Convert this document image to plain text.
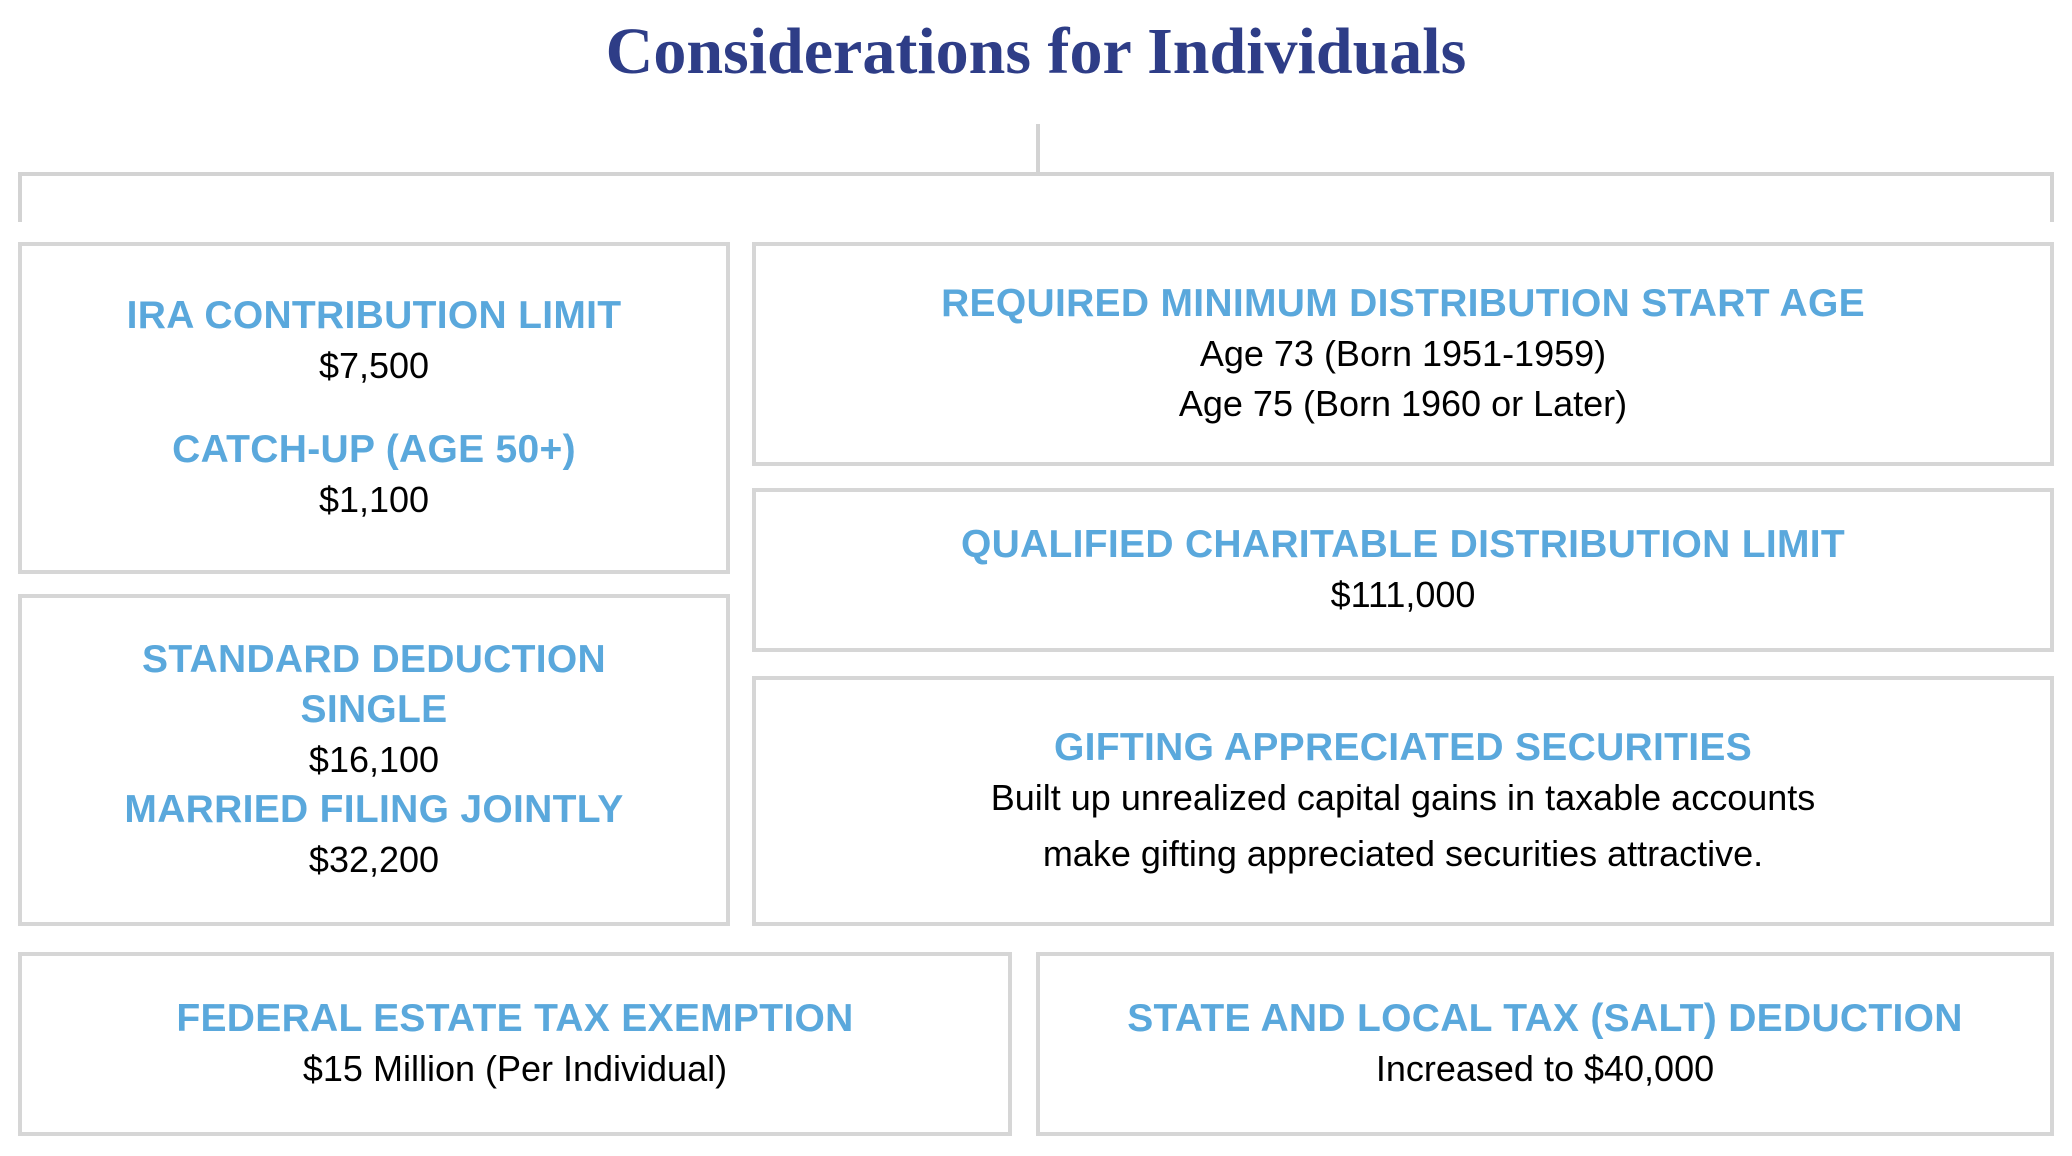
Considerations for Individuals
IRA CONTRIBUTION LIMIT
$7,500
CATCH-UP (AGE 50+)
$1,100
REQUIRED MINIMUM DISTRIBUTION START AGE
Age 73 (Born 1951-1959)
Age 75 (Born 1960 or Later)
QUALIFIED CHARITABLE DISTRIBUTION LIMIT
$111,000
STANDARD DEDUCTION
SINGLE
$16,100
MARRIED FILING JOINTLY
$32,200
GIFTING APPRECIATED SECURITIES
Built up unrealized capital gains in taxable accounts
make gifting appreciated securities attractive.
FEDERAL ESTATE TAX EXEMPTION
$15 Million (Per Individual)
STATE AND LOCAL TAX (SALT) DEDUCTION
Increased to $40,000
